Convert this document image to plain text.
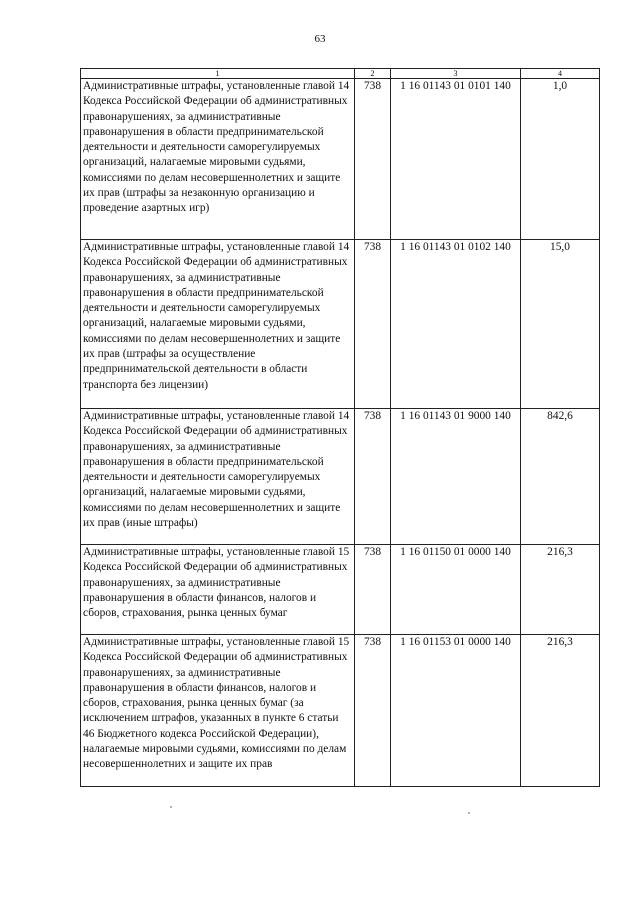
63
1	2	3	4
Административные штрафы, установленные главой 14 Кодекса Российской Федерации об административных правонарушениях, за административные правонарушения в области предпринимательской деятельности и деятельности саморегулируемых организаций, налагаемые мировыми судьями, комиссиями по делам несовершеннолетних и защите их прав (штрафы за незаконную организацию и проведение азартных игр)	738	1 16 01143 01 0101 140	1,0
Административные штрафы, установленные главой 14 Кодекса Российской Федерации об административных правонарушениях, за административные правонарушения в области предпринимательской деятельности и деятельности саморегулируемых организаций, налагаемые мировыми судьями, комиссиями по делам несовершеннолетних и защите их прав (штрафы за осуществление предпринимательской деятельности в области транспорта без лицензии)	738	1 16 01143 01 0102 140	15,0
Административные штрафы, установленные главой 14 Кодекса Российской Федерации об административных правонарушениях, за административные правонарушения в области предпринимательской деятельности и деятельности саморегулируемых организаций, налагаемые мировыми судьями, комиссиями по делам несовершеннолетних и защите их прав (иные штрафы)	738	1 16 01143 01 9000 140	842,6
Административные штрафы, установленные главой 15 Кодекса Российской Федерации об административных правонарушениях, за административные правонарушения в области финансов, налогов и сборов, страхования, рынка ценных бумаг	738	1 16 01150 01 0000 140	216,3
Административные штрафы, установленные главой 15 Кодекса Российской Федерации об административных правонарушениях, за административные правонарушения в области финансов, налогов и сборов, страхования, рынка ценных бумаг (за исключением штрафов, указанных в пункте 6 статьи 46 Бюджетного кодекса Российской Федерации), налагаемые мировыми судьями, комиссиями по делам несовершеннолетних и защите их прав	738	1 16 01153 01 0000 140	216,3
